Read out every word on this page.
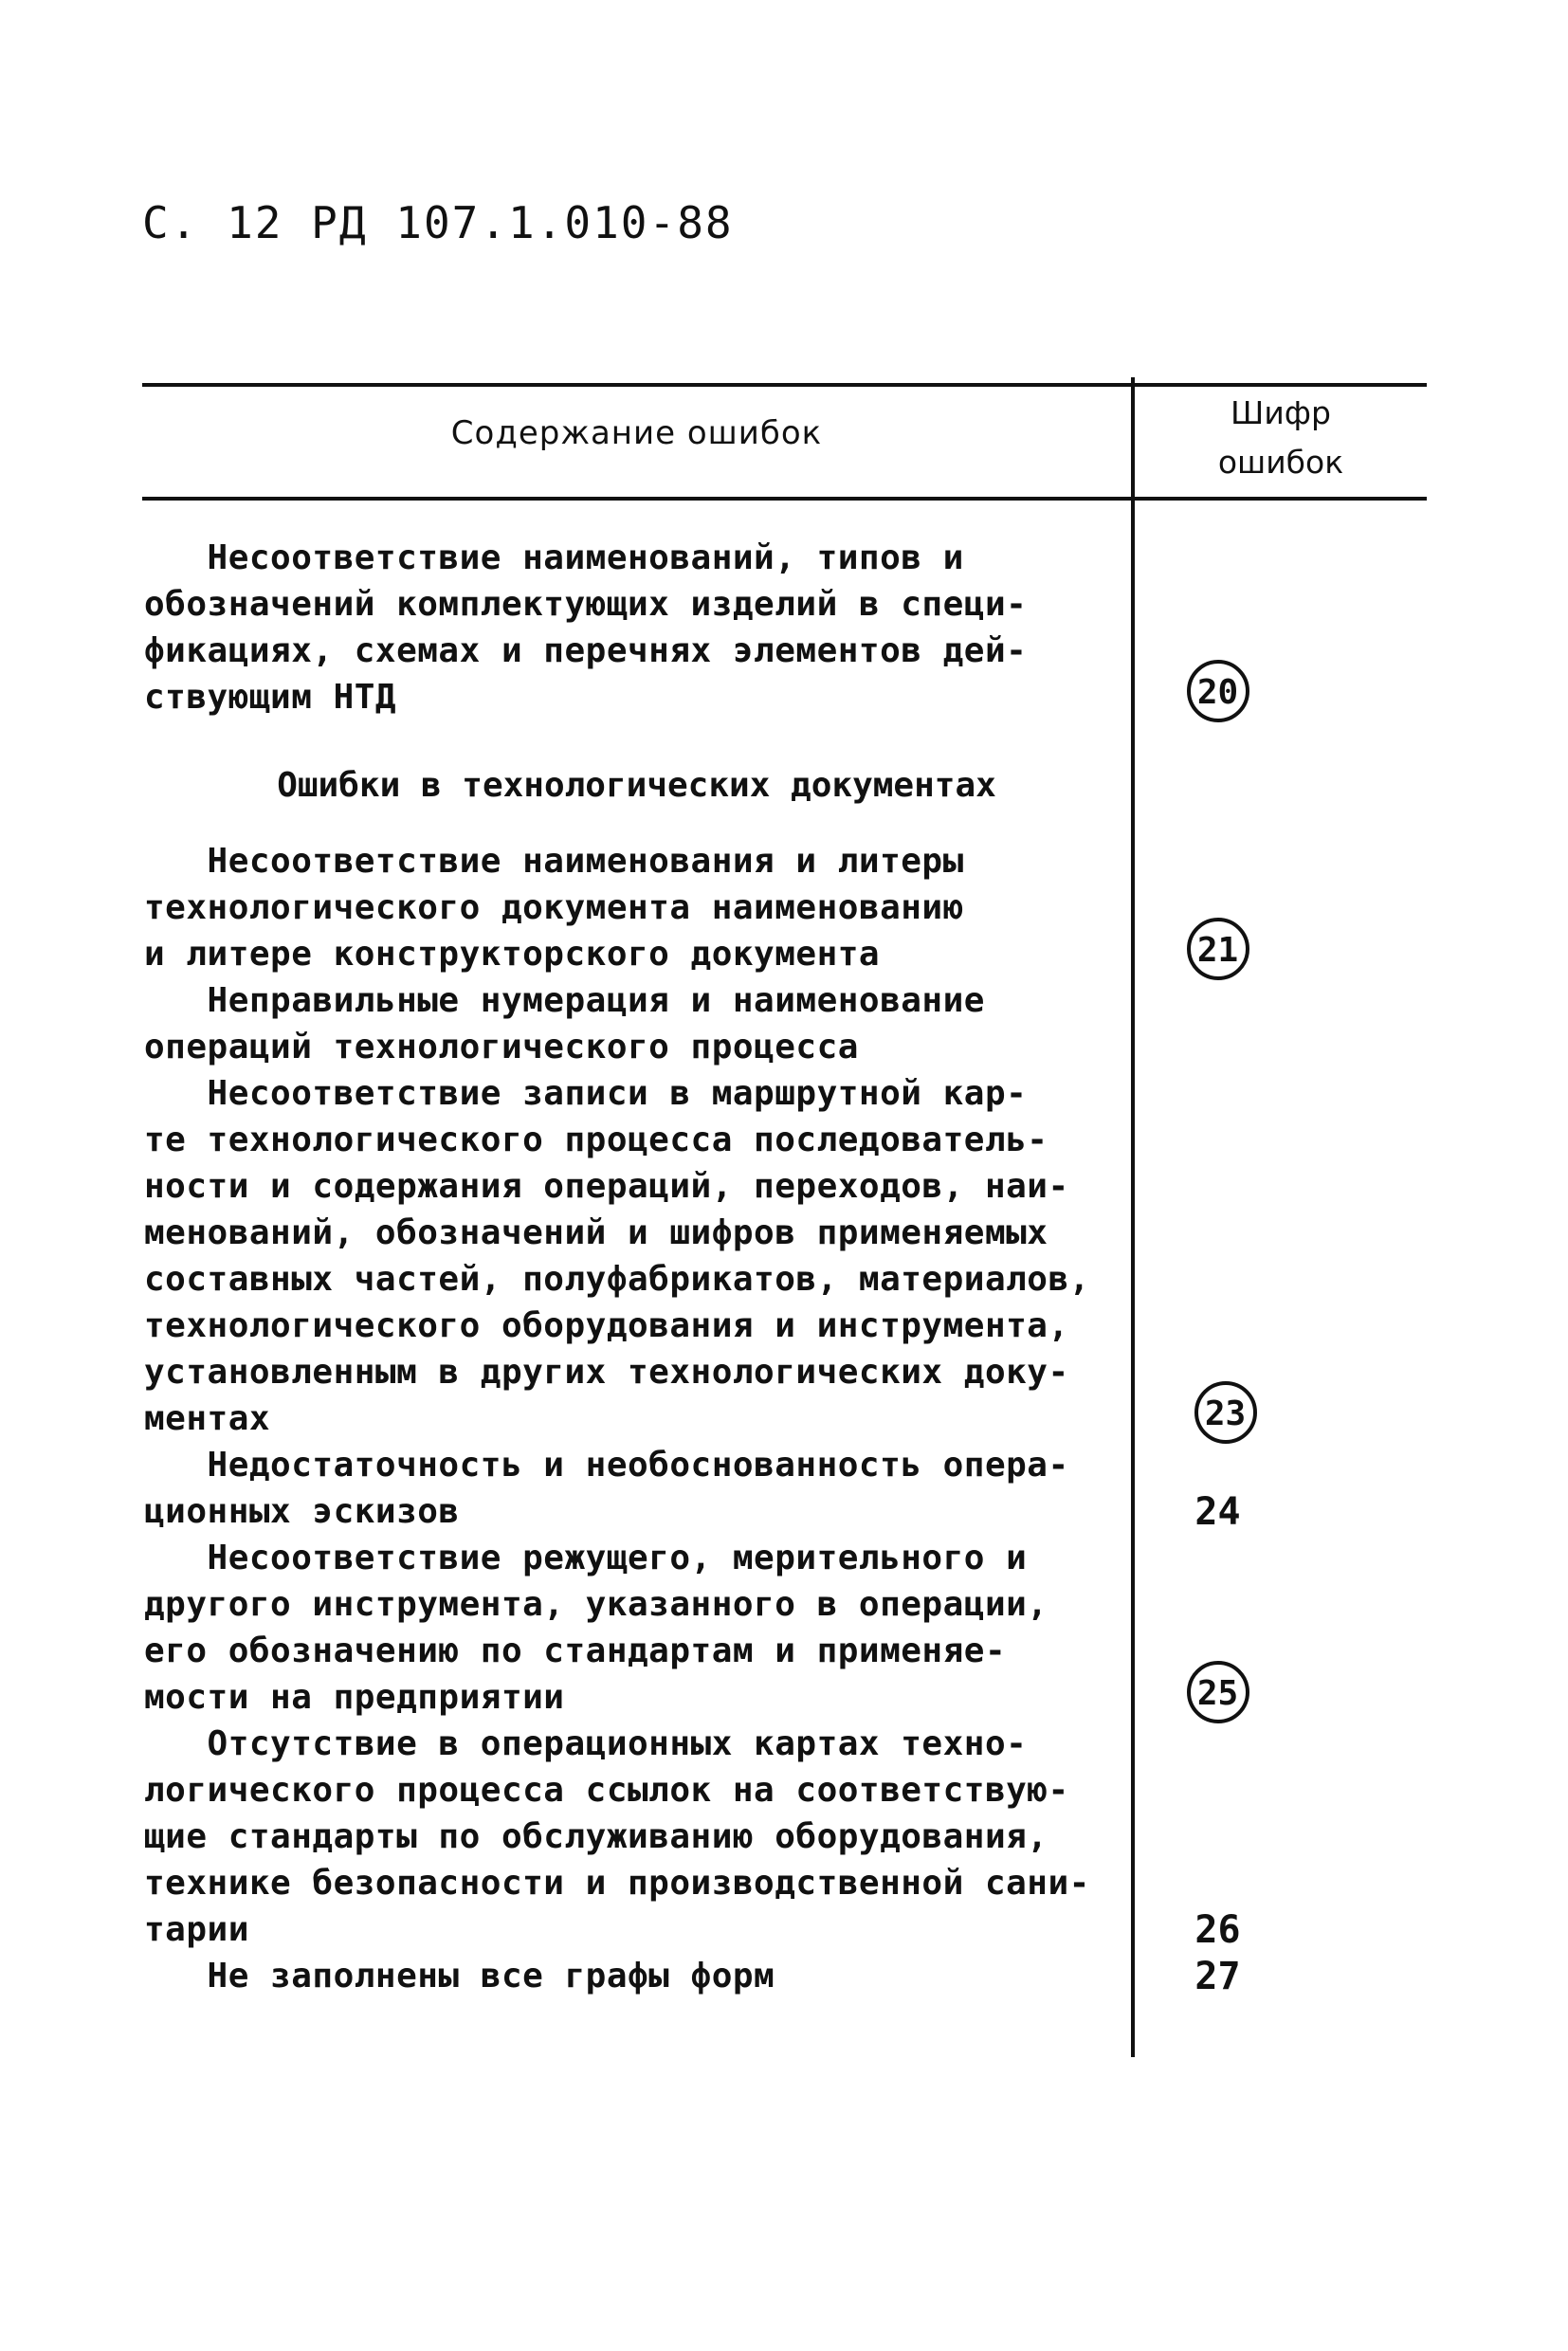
С. 12 РД 107.1.010-88
Содержание ошибок
Шифр
ошибок
Несоответствие наименований, типов и
обозначений комплектующих изделий в специ-
фикациях, схемах и перечнях элементов дей-
ствующим НТД	20
Ошибки в технологических документах
Несоответствие наименования и литеры
технологического документа наименованию
и литере конструкторского документа	21
Неправильные нумерация и наименование
операций технологического процесса
Несоответствие записи в маршрутной кар-
те технологического процесса последователь-
ности и содержания операций, переходов, наи-
менований, обозначений и шифров применяемых
составных частей, полуфабрикатов, материалов,
технологического оборудования и инструмента,
установленным в других технологических доку-
ментах	23
Недостаточность и необоснованность опера-
ционных эскизов	24
Несоответствие режущего, мерительного и
другого инструмента, указанного в операции,
его обозначению по стандартам и применяе-
мости на предприятии	25
Отсутствие в операционных картах техно-
логического процесса ссылок на соответствую-
щие стандарты по обслуживанию оборудования,
технике безопасности и производственной сани-
тарии	26
Не заполнены все графы форм	27
